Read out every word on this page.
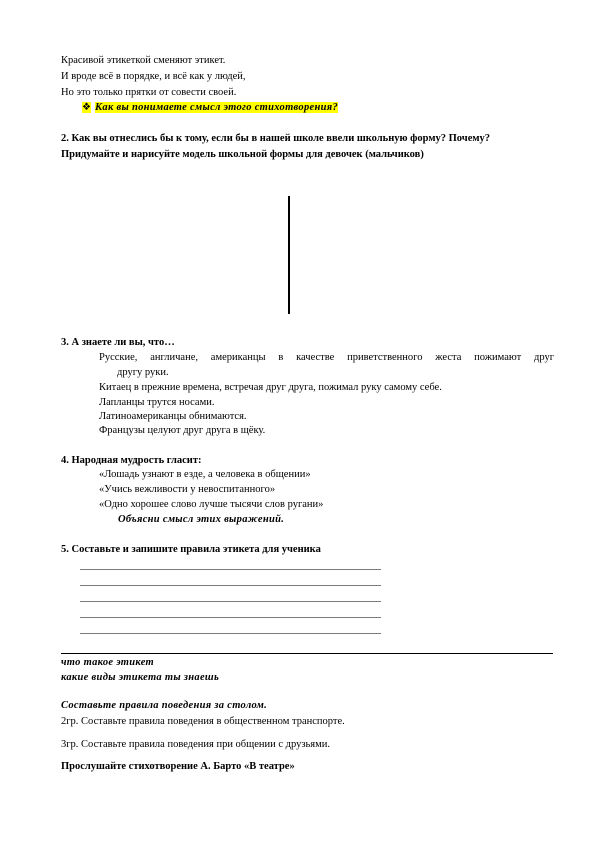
Красивой этикеткой сменяют этикет.
И вроде всё в порядке, и всё как у людей,
Но это только прятки от совести своей.
❖ Как вы понимаете смысл этого стихотворения?
2. Как вы отнеслись бы к тому, если бы в нашей школе ввели школьную форму? Почему?
Придумайте и нарисуйте модель школьной формы для девочек (мальчиков)
3. А знаете ли вы, что…
Русские, англичане, американцы в качестве приветственного жеста пожимают друг
другу руки.
Китаец в прежние времена, встречая друг друга, пожимал руку самому себе.
Лапланцы трутся носами.
Латиноамериканцы обнимаются.
Французы целуют друг друга в щёку.
4. Народная мудрость гласит:
«Лошадь узнают в езде, а человека в общении»
«Учись вежливости у невоспитанного»
«Одно хорошее слово лучше тысячи слов ругани»
Объясни смысл этих выражений.
5. Составьте и запишите правила этикета для ученика
что такое этикет
какие виды этикета ты знаешь
Составьте правила поведения за столом.
2гр. Составьте правила поведения в общественном транспорте.
3гр. Составьте правила поведения при общении с друзьями.
Прослушайте стихотворение А. Барто «В театре»
